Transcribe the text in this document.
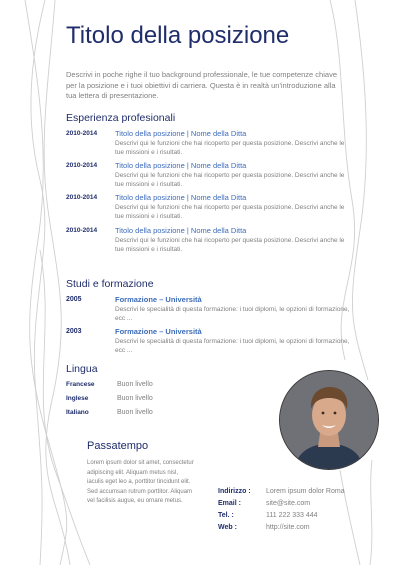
Titolo della posizione
Descrivi in poche righe il tuo background professionale, le tue competenze chiave per la posizione e i tuoi obiettivi di carriera. Questa è in realtà un'introduzione alla tua lettera di presentazione.
Esperienza profesionali
2010-2014 Titolo della posizione | Nome della Ditta
Descrivi qui le funzioni che hai ricoperto per questa posizione. Descrivi anche le tue missioni e i risultati.
2010-2014 Titolo della posizione | Nome della Ditta
Descrivi qui le funzioni che hai ricoperto per questa posizione. Descrivi anche le tue missioni e i risultati.
2010-2014 Titolo della posizione | Nome della Ditta
Descrivi qui le funzioni che hai ricoperto per questa posizione. Descrivi anche le tue missioni e i risultati.
2010-2014 Titolo della posizione | Nome della Ditta
Descrivi qui le funzioni che hai ricoperto per questa posizione. Descrivi anche le tue missioni e i risultati.
Studi e formazione
2005	Formazione – Università
Descrivi le specialità di questa formazione: i tuoi diplomi, le opzioni di formazione, ecc ...
2003	Formazione – Università
Descrivi le specialità di questa formazione: i tuoi diplomi, le opzioni di formazione, ecc ...
Lingua
Francese	Buon livello
Inglese	Buon livello
Italiano	Buon livello
Passatempo
Lorem ipsum dolor sit amet, consectetur adipiscing elit. Aliquam metus nisl, iaculis eget leo a, porttitor tincidunt elit. Sed accumsan rutrum porttitor. Aliquam vel facilisis augue, eu ornare metus.
Indirizzo : Lorem ipsum dolor Roma
Email :	site@site.com
Tel. :	111 222 333 444
Web :	http://site.com
